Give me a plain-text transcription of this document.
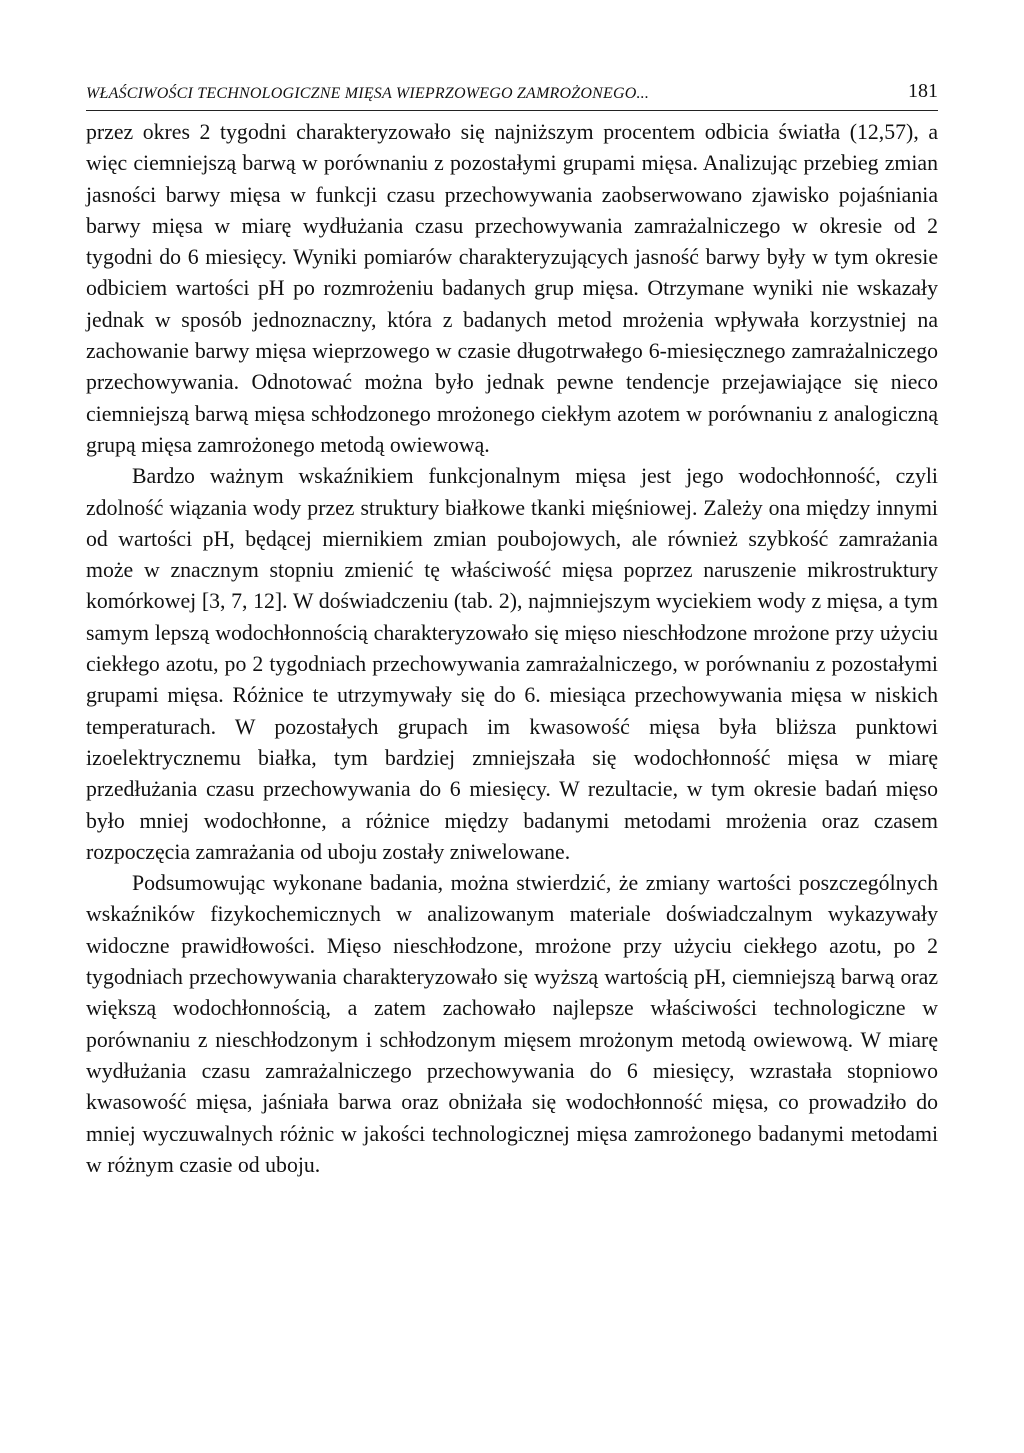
WŁAŚCIWOŚCI TECHNOLOGICZNE MIĘSA WIEPRZOWEGO ZAMROŻONEGO...	181

przez okres 2 tygodni charakteryzowało się najniższym procentem odbicia światła (12,57), a więc ciemniejszą barwą w porównaniu z pozostałymi grupami mięsa. Analizując przebieg zmian jasności barwy mięsa w funkcji czasu przechowywania zaobserwowano zjawisko pojaśniania barwy mięsa w miarę wydłużania czasu przechowywania zamrażalniczego w okresie od 2 tygodni do 6 miesięcy. Wyniki pomiarów charakteryzujących jasność barwy były w tym okresie odbiciem wartości pH po rozmrożeniu badanych grup mięsa. Otrzymane wyniki nie wskazały jednak w sposób jednoznaczny, która z badanych metod mrożenia wpływała korzystniej na zachowanie barwy mięsa wieprzowego w czasie długotrwałego 6-miesięcznego zamrażalniczego przechowywania. Odnotować można było jednak pewne tendencje przejawiające się nieco ciemniejszą barwą mięsa schłodzonego mrożonego ciekłym azotem w porównaniu z analogiczną grupą mięsa zamrożonego metodą owiewową.

Bardzo ważnym wskaźnikiem funkcjonalnym mięsa jest jego wodochłonność, czyli zdolność wiązania wody przez struktury białkowe tkanki mięśniowej. Zależy ona między innymi od wartości pH, będącej miernikiem zmian poubojowych, ale również szybkość zamrażania może w znacznym stopniu zmienić tę właściwość mięsa poprzez naruszenie mikrostruktury komórkowej [3, 7, 12]. W doświadczeniu (tab. 2), najmniejszym wyciekiem wody z mięsa, a tym samym lepszą wodochłonnością charakteryzowało się mięso nieschłodzone mrożone przy użyciu ciekłego azotu, po 2 tygodniach przechowywania zamrażalniczego, w porównaniu z pozostałymi grupami mięsa. Różnice te utrzymywały się do 6. miesiąca przechowywania mięsa w niskich temperaturach. W pozostałych grupach im kwasowość mięsa była bliższa punktowi izoelektrycznemu białka, tym bardziej zmniejszała się wodochłonność mięsa w miarę przedłużania czasu przechowywania do 6 miesięcy. W rezultacie, w tym okresie badań mięso było mniej wodochłonne, a różnice między badanymi metodami mrożenia oraz czasem rozpoczęcia zamrażania od uboju zostały zniwelowane.

Podsumowując wykonane badania, można stwierdzić, że zmiany wartości poszczególnych wskaźników fizykochemicznych w analizowanym materiale doświadczalnym wykazywały widoczne prawidłowości. Mięso nieschłodzone, mrożone przy użyciu ciekłego azotu, po 2 tygodniach przechowywania charakteryzowało się wyższą wartością pH, ciemniejszą barwą oraz większą wodochłonnością, a zatem zachowało najlepsze właściwości technologiczne w porównaniu z nieschłodzonym i schłodzonym mięsem mrożonym metodą owiewową. W miarę wydłużania czasu zamrażalniczego przechowywania do 6 miesięcy, wzrastała stopniowo kwasowość mięsa, jaśniała barwa oraz obniżała się wodochłonność mięsa, co prowadziło do mniej wyczuwalnych różnic w jakości technologicznej mięsa zamrożonego badanymi metodami w różnym czasie od uboju.
